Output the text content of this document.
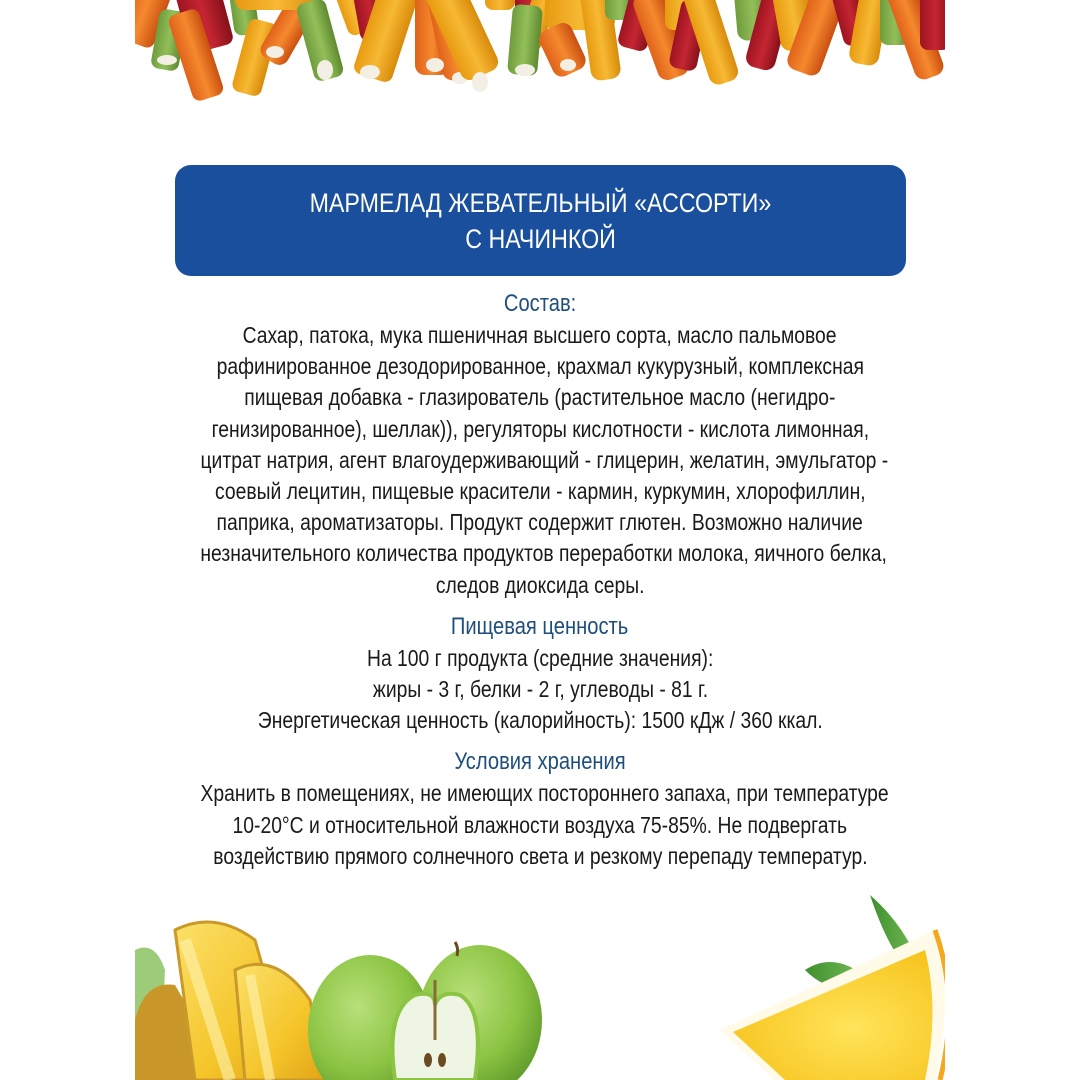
МАРМЕЛАД ЖЕВАТЕЛЬНЫЙ «АССОРТИ»
С НАЧИНКОЙ
Состав:

Сахар, патока, мука пшеничная высшего сорта, масло пальмовое

рафинированное дезодорированное, крахмал кукурузный, комплексная

пищевая добавка - глазирователь (растительное масло (негидро-

генизированное), шеллак)), регуляторы кислотности - кислота лимонная,

цитрат натрия, агент влагоудерживающий - глицерин, желатин, эмульгатор -

соевый лецитин, пищевые красители - кармин, куркумин, хлорофиллин,

паприка, ароматизаторы. Продукт содержит глютен. Возможно наличие

незначительного количества продуктов переработки молока, яичного белка,

следов диоксида серы.

Пищевая ценность

На 100 г продукта (средние значения):

жиры - 3 г, белки - 2 г, углеводы - 81 г.

Энергетическая ценность (калорийность): 1500 кДж / 360 ккал.

Условия хранения

Хранить в помещениях, не имеющих постороннего запаха, при температуре

10-20°C и относительной влажности воздуха 75-85%. Не подвергать

воздействию прямого солнечного света и резкому перепаду температур.
